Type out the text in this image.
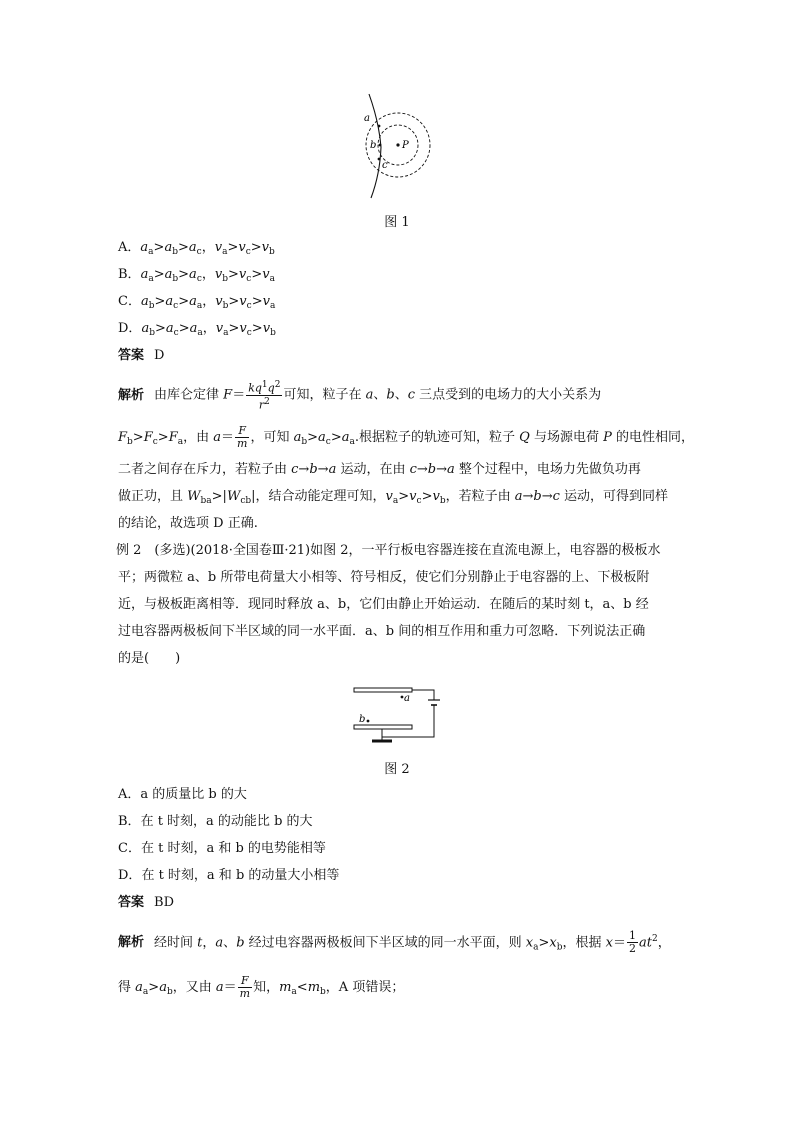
a
b
c
P
图 1
A．$a_a>a_b>a_c$，$v_a>v_c>v_b$
B．$a_a>a_b>a_c$，$v_b>v_c>v_a$
C．$a_b>a_c>a_a$，$v_b>v_c>v_a$
D．$a_b>a_c>a_a$，$v_a>v_c>v_b$
答案 D
解析 由库仑定律 $F= \frac{kq^1q^2}{r^2}$ 可知，粒子在 a、b、c 三点受到的电场力的大小关系为
$F_b>F_c>F_a$，由 $a= \frac{F}{m}$ ，可知 $a_b>a_c>a_a$.根据粒子的轨迹可知，粒子 Q 与场源电荷 P 的电性相同，
二者之间存在斥力，若粒子由 c→b→a 运动，在由 c→b→a 整个过程中，电场力先做负功再
做正功，且 $W_{ba}>|W_{cb}|$，结合动能定理可知，$v_a>v_c>v_b$，若粒子由 a→b→c 运动，可得到同样
的结论，故选项 D 正确.
例 2　(多选)(2018·全国卷Ⅲ·21)如图 2，一平行板电容器连接在直流电源上，电容器的极板水
平；两微粒 a、b 所带电荷量大小相等、符号相反，使它们分别静止于电容器的上、下极板附
近，与极板距离相等．现同时释放 a、b，它们由静止开始运动．在随后的某时刻 t，a、b 经
过电容器两极板间下半区域的同一水平面．a、b 间的相互作用和重力可忽略．下列说法正确
的是(　　)
a
b
图 2
A．a 的质量比 b 的大
B．在 t 时刻，a 的动能比 b 的大
C．在 t 时刻，a 和 b 的电势能相等
D．在 t 时刻，a 和 b 的动量大小相等
答案 BD
解析 经时间 t，a、b 经过电容器两极板间下半区域的同一水平面，则 $x_a>x_b$，根据 $x= \frac{1}{2} at^2$，
得 $a_a>a_b$，又由 $a= \frac{F}{m}$ 知，$m_a<m_b$，A 项错误；
